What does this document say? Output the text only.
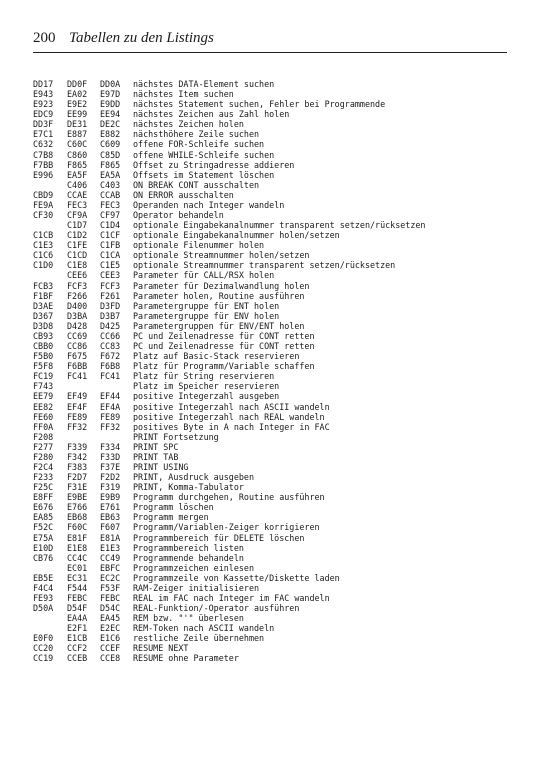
200 Tabellen zu den Listings
DD17 DD0F DD0A nächstes DATA-Element suchen
E943 EA02 E97D nächstes Item suchen
E923 E9E2 E9DD nächstes Statement suchen, Fehler bei Programmende
EDC9 EE99 EE94 nächstes Zeichen aus Zahl holen
DD3F DE31 DE2C nächstes Zeichen holen
E7C1 E887 E882 nächsthöhere Zeile suchen
C632 C60C C609 offene FOR-Schleife suchen
C7B8 C860 C85D offene WHILE-Schleife suchen
F7BB F865 F865 Offset zu Stringadresse addieren
E996 EA5F EA5A Offsets im Statement löschen
C406 C403 ON BREAK CONT ausschalten
CBD9 CCAE CCAB ON ERROR ausschalten
FE9A FEC3 FEC3 Operanden nach Integer wandeln
CF30 CF9A CF97 Operator behandeln
C1D7 C1D4 optionale Eingabekanalnummer transparent setzen/rücksetzen
C1CB C1D2 C1CF optionale Eingabekanalnummer holen/setzen
C1E3 C1FE C1FB optionale Filenummer holen
C1C6 C1CD C1CA optionale Streamnummer holen/setzen
C1D0 C1E8 C1E5 optionale Streamnummer transparent setzen/rücksetzen
CEE6 CEE3 Parameter für CALL/RSX holen
FCB3 FCF3 FCF3 Parameter für Dezimalwandlung holen
F1BF F266 F261 Parameter holen, Routine ausführen
D3AE D400 D3FD Parametergruppe für ENT holen
D367 D3BA D3B7 Parametergruppe für ENV holen
D3D8 D428 D425 Parametergruppen für ENV/ENT holen
CB93 CC69 CC66 PC und Zeilenadresse für CONT retten
CBB0 CC86 CC83 PC und Zeilenadresse für CONT retten
F5B0 F675 F672 Platz auf Basic-Stack reservieren
F5F8 F6BB F6B8 Platz für Programm/Variable schaffen
FC19 FC41 FC41 Platz für String reservieren
F743	Platz im Speicher reservieren
EE79 EF49 EF44 positive Integerzahl ausgeben
EE82 EF4F EF4A positive Integerzahl nach ASCII wandeln
FE60 FE89 FE89 positive Integerzahl nach REAL wandeln
FF0A FF32 FF32 positives Byte in A nach Integer in FAC
F208	PRINT Fortsetzung
F277 F339 F334 PRINT SPC
F280 F342 F33D PRINT TAB
F2C4 F383 F37E PRINT USING
F233 F2D7 F2D2 PRINT, Ausdruck ausgeben
F25C F31E F319 PRINT, Komma-Tabulator
E8FF E9BE E9B9 Programm durchgehen, Routine ausführen
E676 E766 E761 Programm löschen
EA85 EB68 EB63 Programm mergen
F52C F60C F607 Programm/Variablen-Zeiger korrigieren
E75A E81F E81A Programmbereich für DELETE löschen
E10D E1E8 E1E3 Programmbereich listen
CB76 CC4C CC49 Programmende behandeln
EC01 EBFC Programmzeichen einlesen
EB5E EC31 EC2C Programmzeile von Kassette/Diskette laden
F4C4 F544 F53F RAM-Zeiger initialisieren
FE93 FEBC FEBC REAL im FAC nach Integer im FAC wandeln
D50A D54F D54C REAL-Funktion/-Operator ausführen
EA4A EA45 REM bzw. "'" überlesen
E2F1 E2EC REM-Token nach ASCII wandeln
E0F0 E1CB E1C6 restliche Zeile übernehmen
CC20 CCF2 CCEF RESUME NEXT
CC19 CCEB CCE8 RESUME ohne Parameter
